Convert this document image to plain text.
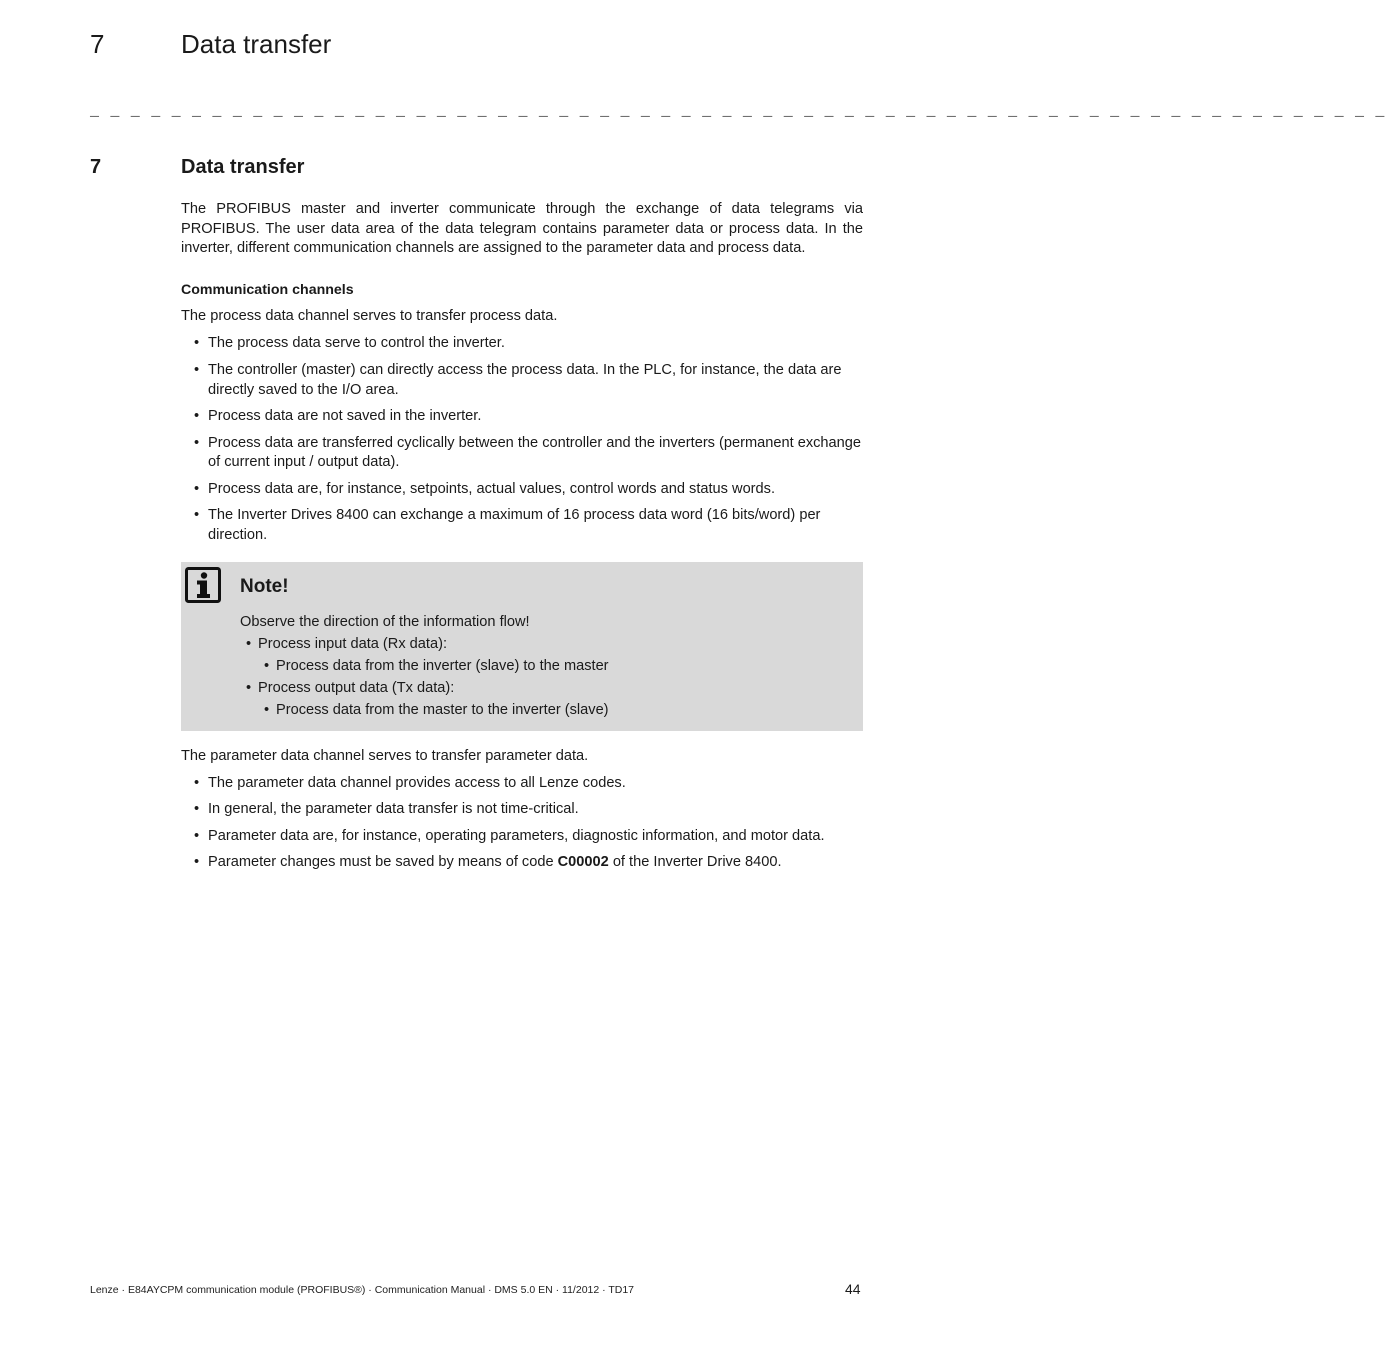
7	Data transfer
_ _ _ _ _ _ _ _ _ _ _ _ _ _ _ _ _ _ _ _ _ _ _ _ _ _ _ _ _ _ _ _ _ _ _ _ _ _ _ _ _ _ _ _ _ _ _ _ _ _ _ _ _ _ _ _ _ _ _ _ _ _ _ _
7	Data transfer

The PROFIBUS master and inverter communicate through the exchange of data telegrams via PROFIBUS. The user data area of the data telegram contains parameter data or process data. In the inverter, different communication channels are assigned to the parameter data and process data.

Communication channels

The process data channel serves to transfer process data.

• The process data serve to control the inverter.
• The controller (master) can directly access the process data. In the PLC, for instance, the data are directly saved to the I/O area.
• Process data are not saved in the inverter.
• Process data are transferred cyclically between the controller and the inverters (permanent exchange of current input / output data).
• Process data are, for instance, setpoints, actual values, control words and status words.
• The Inverter Drives 8400 can exchange a maximum of 16 process data word (16 bits/word) per direction.

Note!

Observe the direction of the information flow!

• Process input data (Rx data):
• Process data from the inverter (slave) to the master
• Process output data (Tx data):
• Process data from the master to the inverter (slave)

The parameter data channel serves to transfer parameter data.

• The parameter data channel provides access to all Lenze codes.
• In general, the parameter data transfer is not time-critical.
• Parameter data are, for instance, operating parameters, diagnostic information, and motor data.
• Parameter changes must be saved by means of code C00002 of the Inverter Drive 8400.
Lenze · E84AYCPM communication module (PROFIBUS®) · Communication Manual · DMS 5.0 EN · 11/2012 · TD17	44
